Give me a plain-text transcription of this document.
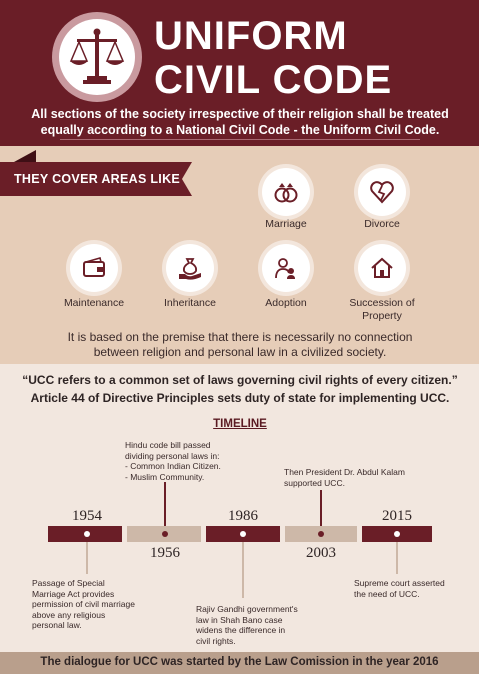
UNIFORM
CIVIL CODE
All sections of the society irrespective of their religion shall be treated
equally according to a National Civil Code - the Uniform Civil Code.
THEY COVER AREAS LIKE
Marriage	Divorce
Maintenance	Inheritance	Adoption	Succession of
Property
It is based on the premise that there is necessarily no connection
between religion and personal law in a civilized society.
“UCC refers to a common set of laws governing civil rights of every citizen.”
Article 44 of Directive Principles sets duty of state for implementing UCC.
TIMELINE
1954
1956
1986
2003
2015
Passage of Special
Marriage Act provides
permission of civil marriage
above any religious
personal law.
Hindu code bill passed
dividing personal laws in:
- Common Indian Citizen.
- Muslim Community.
Rajiv Gandhi government's
law in Shah Bano case
widens the difference in
civil rights.
Then President Dr. Abdul Kalam
supported UCC.
Supreme court asserted
the need of UCC.
The dialogue for UCC was started by the Law Comission in the year 2016
